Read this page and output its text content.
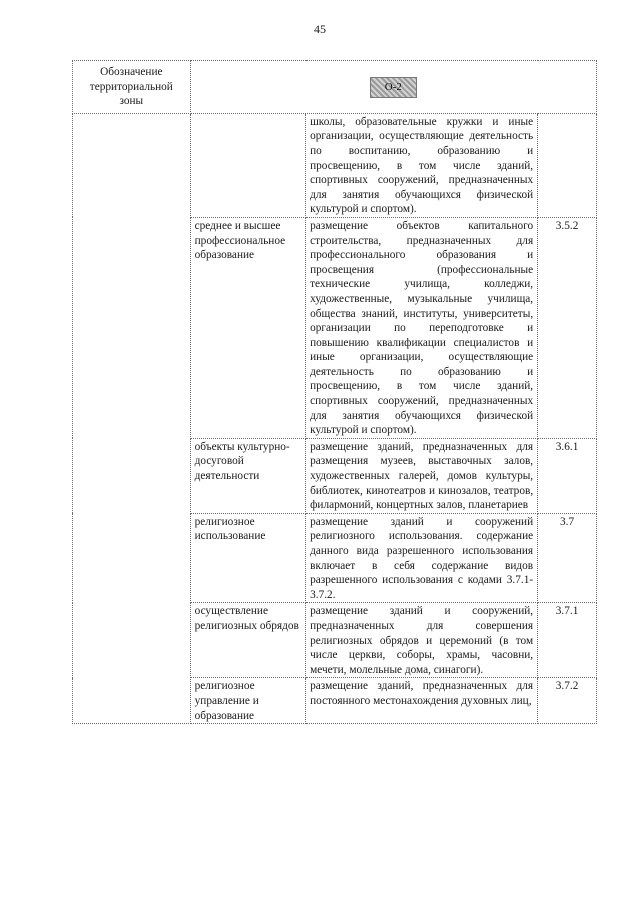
45
Обозначение территориальной зоны	О-2		
		школы, образовательные кружки и иные организации, осуществляющие деятельность по воспитанию, образованию и просвещению, в том числе зданий, спортивных сооружений, предназначенных для занятия обучающихся физической культурой и спортом).	
	среднее и высшее профессиональное образование	размещение объектов капитального строительства, предназначенных для профессионального образования и просвещения (профессиональные технические училища, колледжи, художественные, музыкальные училища, общества знаний, институты, университеты, организации по переподготовке и повышению квалификации специалистов и иные организации, осуществляющие деятельность по образованию и просвещению, в том числе зданий, спортивных сооружений, предназначенных для занятия обучающихся физической культурой и спортом).	3.5.2
	объекты культурно-досуговой деятельности	размещение зданий, предназначенных для размещения музеев, выставочных залов, художественных галерей, домов культуры, библиотек, кинотеатров и кинозалов, театров, филармоний, концертных залов, планетариев	3.6.1
	религиозное использование	размещение зданий и сооружений религиозного использования. содержание данного вида разрешенного использования включает в себя содержание видов разрешенного использования с кодами 3.7.1-3.7.2.	3.7
	осуществление религиозных обрядов	размещение зданий и сооружений, предназначенных для совершения религиозных обрядов и церемоний (в том числе церкви, соборы, храмы, часовни, мечети, молельные дома, синагоги).	3.7.1
	религиозное управление и образование	размещение зданий, предназначенных для постоянного местонахождения духовных лиц,	3.7.2
